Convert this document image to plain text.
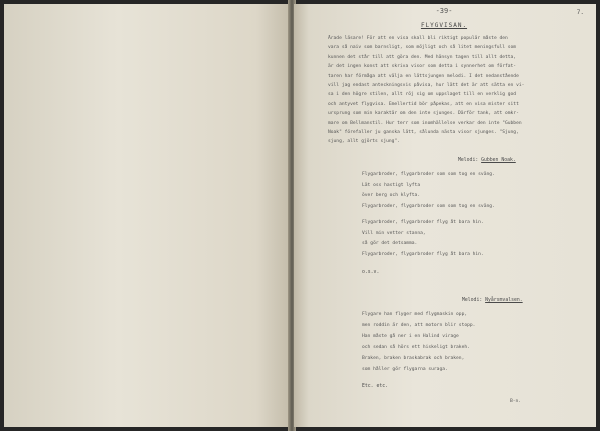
-39-	7.
FLYGVISAN.
Ärade läsare! För att en visa skall bli riktigt populär måste den
vara så naiv som barnsligt, som möjligt och så litet meningsfull som
kunnen det står till att göra den. Med hänsyn tagen till allt detta,
är det ingen konst att skriva visor som detta i synnerhet om förfat-
taren har förmåga att välja en lättsjungen melodi. I det nedanstående
vill jag endast anteckningsvis påvisa, hur lätt det är att sätta en vi-
sa i den högre stilen, allt röj sig om uppslaget till en verklig god
och antyvet flygvisa. Emellertid bör påpekas, att en visa mister sitt
ursprung som min karaktär om den inte sjunges. Därför tank, att omkr-
mare om Bellmanstil. Hur terr som inomhällelse verkar den inte "Gubben
Noak" förefaller ju ganska lätt, sålunda nästa visor sjunges. "Sjung,
sjung, allt gjörts sjung".
Melodi: Gubben Noak.
Flygarbroder, flygarbroder som som tog en sväng.
Lät oss hastigt lyfta
över berg och klyfta.
Flygarbroder, flygarbroder som som tog en sväng.
Flygarbroder, flygarbroder flyg åt bara hin.
Vill min vetter stanna,
så gör det detsamma.
Flygarbroder, flygarbroder flyg åt bara hin.
o.s.v.
Melodi: Nyårsmvalsen.
Flygare han flyger med flygmaskin opp,
men roddin är den, att motorn blir stopp.
Han måste gå ner i en Halind virage
och sedan så hörs ett hiskeligt brakeh.
Braken, braken braskabrak och braken,
som håller gör flygarna suraga.
Etc. etc.
B-n.
